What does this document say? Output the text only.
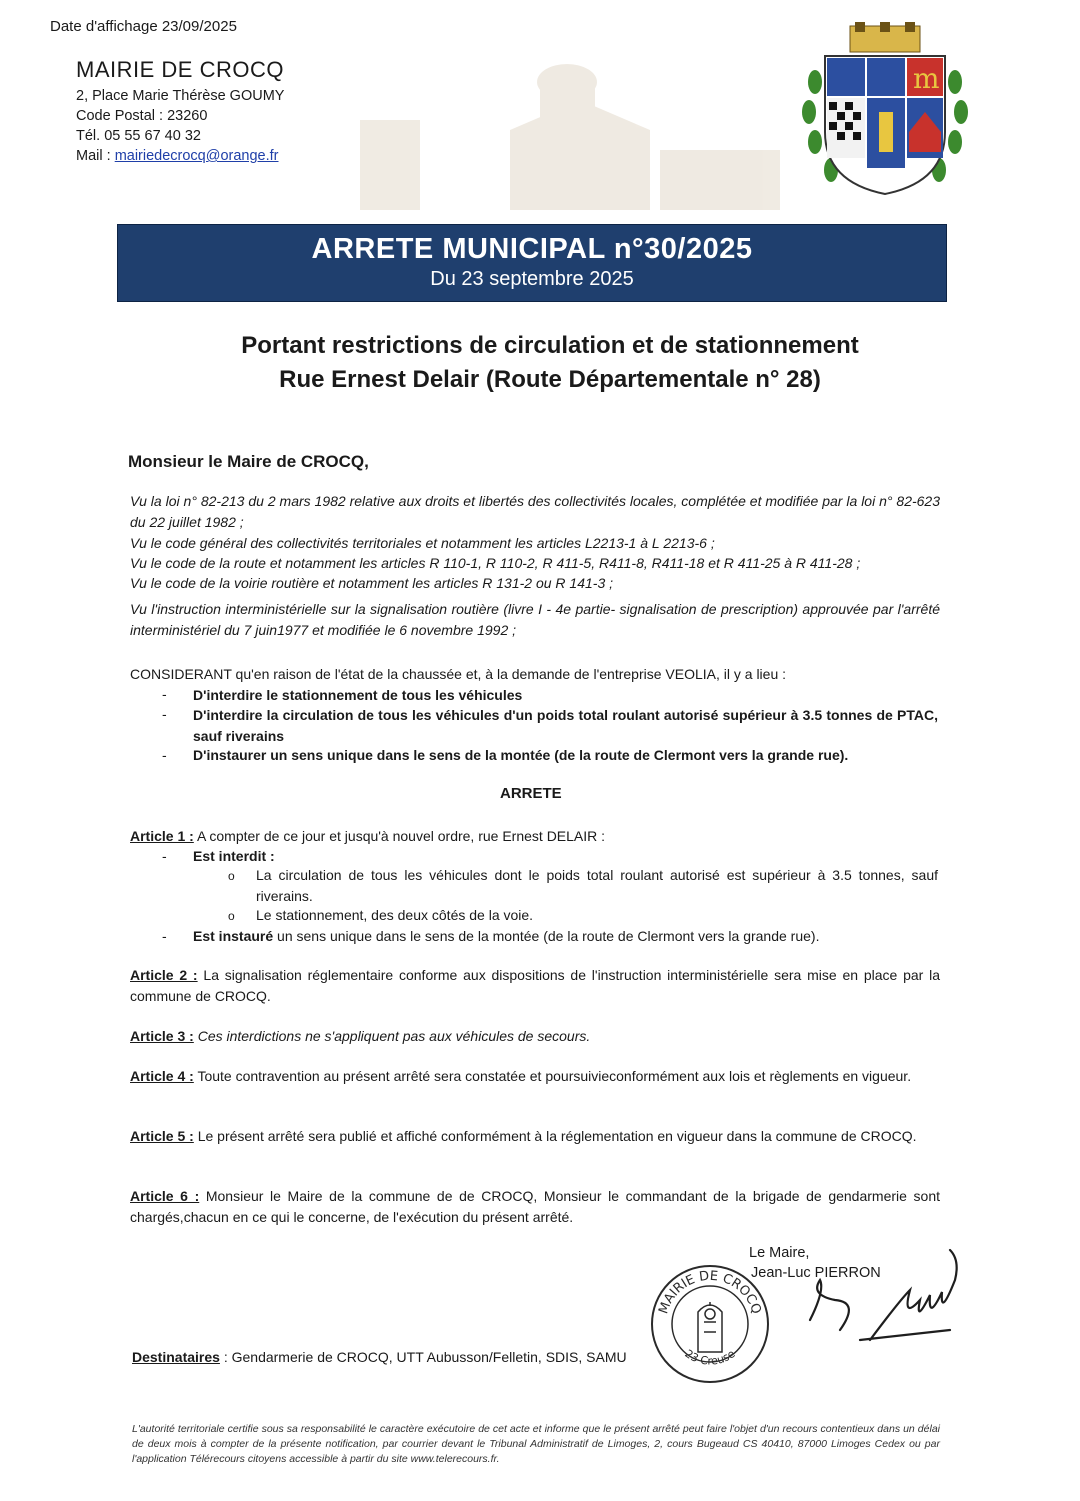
Date d'affichage 23/09/2025
MAIRIE DE CROCQ
2, Place Marie Thérèse GOUMY
Code Postal : 23260
Tél. 05 55 67 40 32
Mail : mairiedecrocq@orange.fr
m
ARRETE MUNICIPAL n°30/2025
Du 23 septembre 2025
Portant restrictions de circulation et de stationnement
Rue Ernest Delair (Route Départementale n° 28)
Monsieur le Maire de CROCQ,
Vu la loi n° 82-213 du 2 mars 1982 relative aux droits et libertés des collectivités locales, complétée et modifiée par la loi n° 82-623 du 22 juillet 1982 ;
Vu le code général des collectivités territoriales et notamment les articles L2213-1 à L 2213-6 ;
Vu le code de la route et notamment les articles R 110-1, R 110-2, R 411-5, R411-8, R411-18 et R 411-25 à R 411-28 ;
Vu le code de la voirie routière et notamment les articles R 131-2 ou R 141-3 ;
Vu l'instruction interministérielle sur la signalisation routière (livre I - 4e partie- signalisation de prescription) approuvée par l'arrêté interministériel du 7 juin1977 et modifiée le 6 novembre 1992 ;
CONSIDERANT qu'en raison de l'état de la chaussée et, à la demande de l'entreprise VEOLIA, il y a lieu :
- D'interdire le stationnement de tous les véhicules
- D'interdire la circulation de tous les véhicules d'un poids total roulant autorisé supérieur à 3.5 tonnes de PTAC, sauf riverains
- D'instaurer un sens unique dans le sens de la montée (de la route de Clermont vers la grande rue).
ARRETE
Article 1 : A compter de ce jour et jusqu'à nouvel ordre, rue Ernest DELAIR :
- Est interdit :
o La circulation de tous les véhicules dont le poids total roulant autorisé est supérieur à 3.5 tonnes, sauf riverains.
o Le stationnement, des deux côtés de la voie.
- Est instauré un sens unique dans le sens de la montée (de la route de Clermont vers la grande rue).
Article 2 : La signalisation réglementaire conforme aux dispositions de l'instruction interministérielle sera mise en place par la commune de CROCQ.
Article 3 : Ces interdictions ne s'appliquent pas aux véhicules de secours.
Article 4 : Toute contravention au présent arrêté sera constatée et poursuivieconformément aux lois et règlements en vigueur.
Article 5 : Le présent arrêté sera publié et affiché conformément à la réglementation en vigueur dans la commune de CROCQ.
Article 6 : Monsieur le Maire de la commune de de CROCQ, Monsieur le commandant de la brigade de gendarmerie sont chargés,chacun en ce qui le concerne, de l'exécution du présent arrêté.
Le Maire,
Jean-Luc PIERRON
MAIRIE DE CROCQ
23 Creuse
Destinataires : Gendarmerie de CROCQ, UTT Aubusson/Felletin, SDIS, SAMU
L'autorité territoriale certifie sous sa responsabilité le caractère exécutoire de cet acte et informe que le présent arrêté peut faire l'objet d'un recours contentieux dans un délai de deux mois à compter de la présente notification, par courrier devant le Tribunal Administratif de Limoges, 2, cours Bugeaud CS 40410, 87000 Limoges Cedex ou par l'application Télérecours citoyens accessible à partir du site www.telerecours.fr.
